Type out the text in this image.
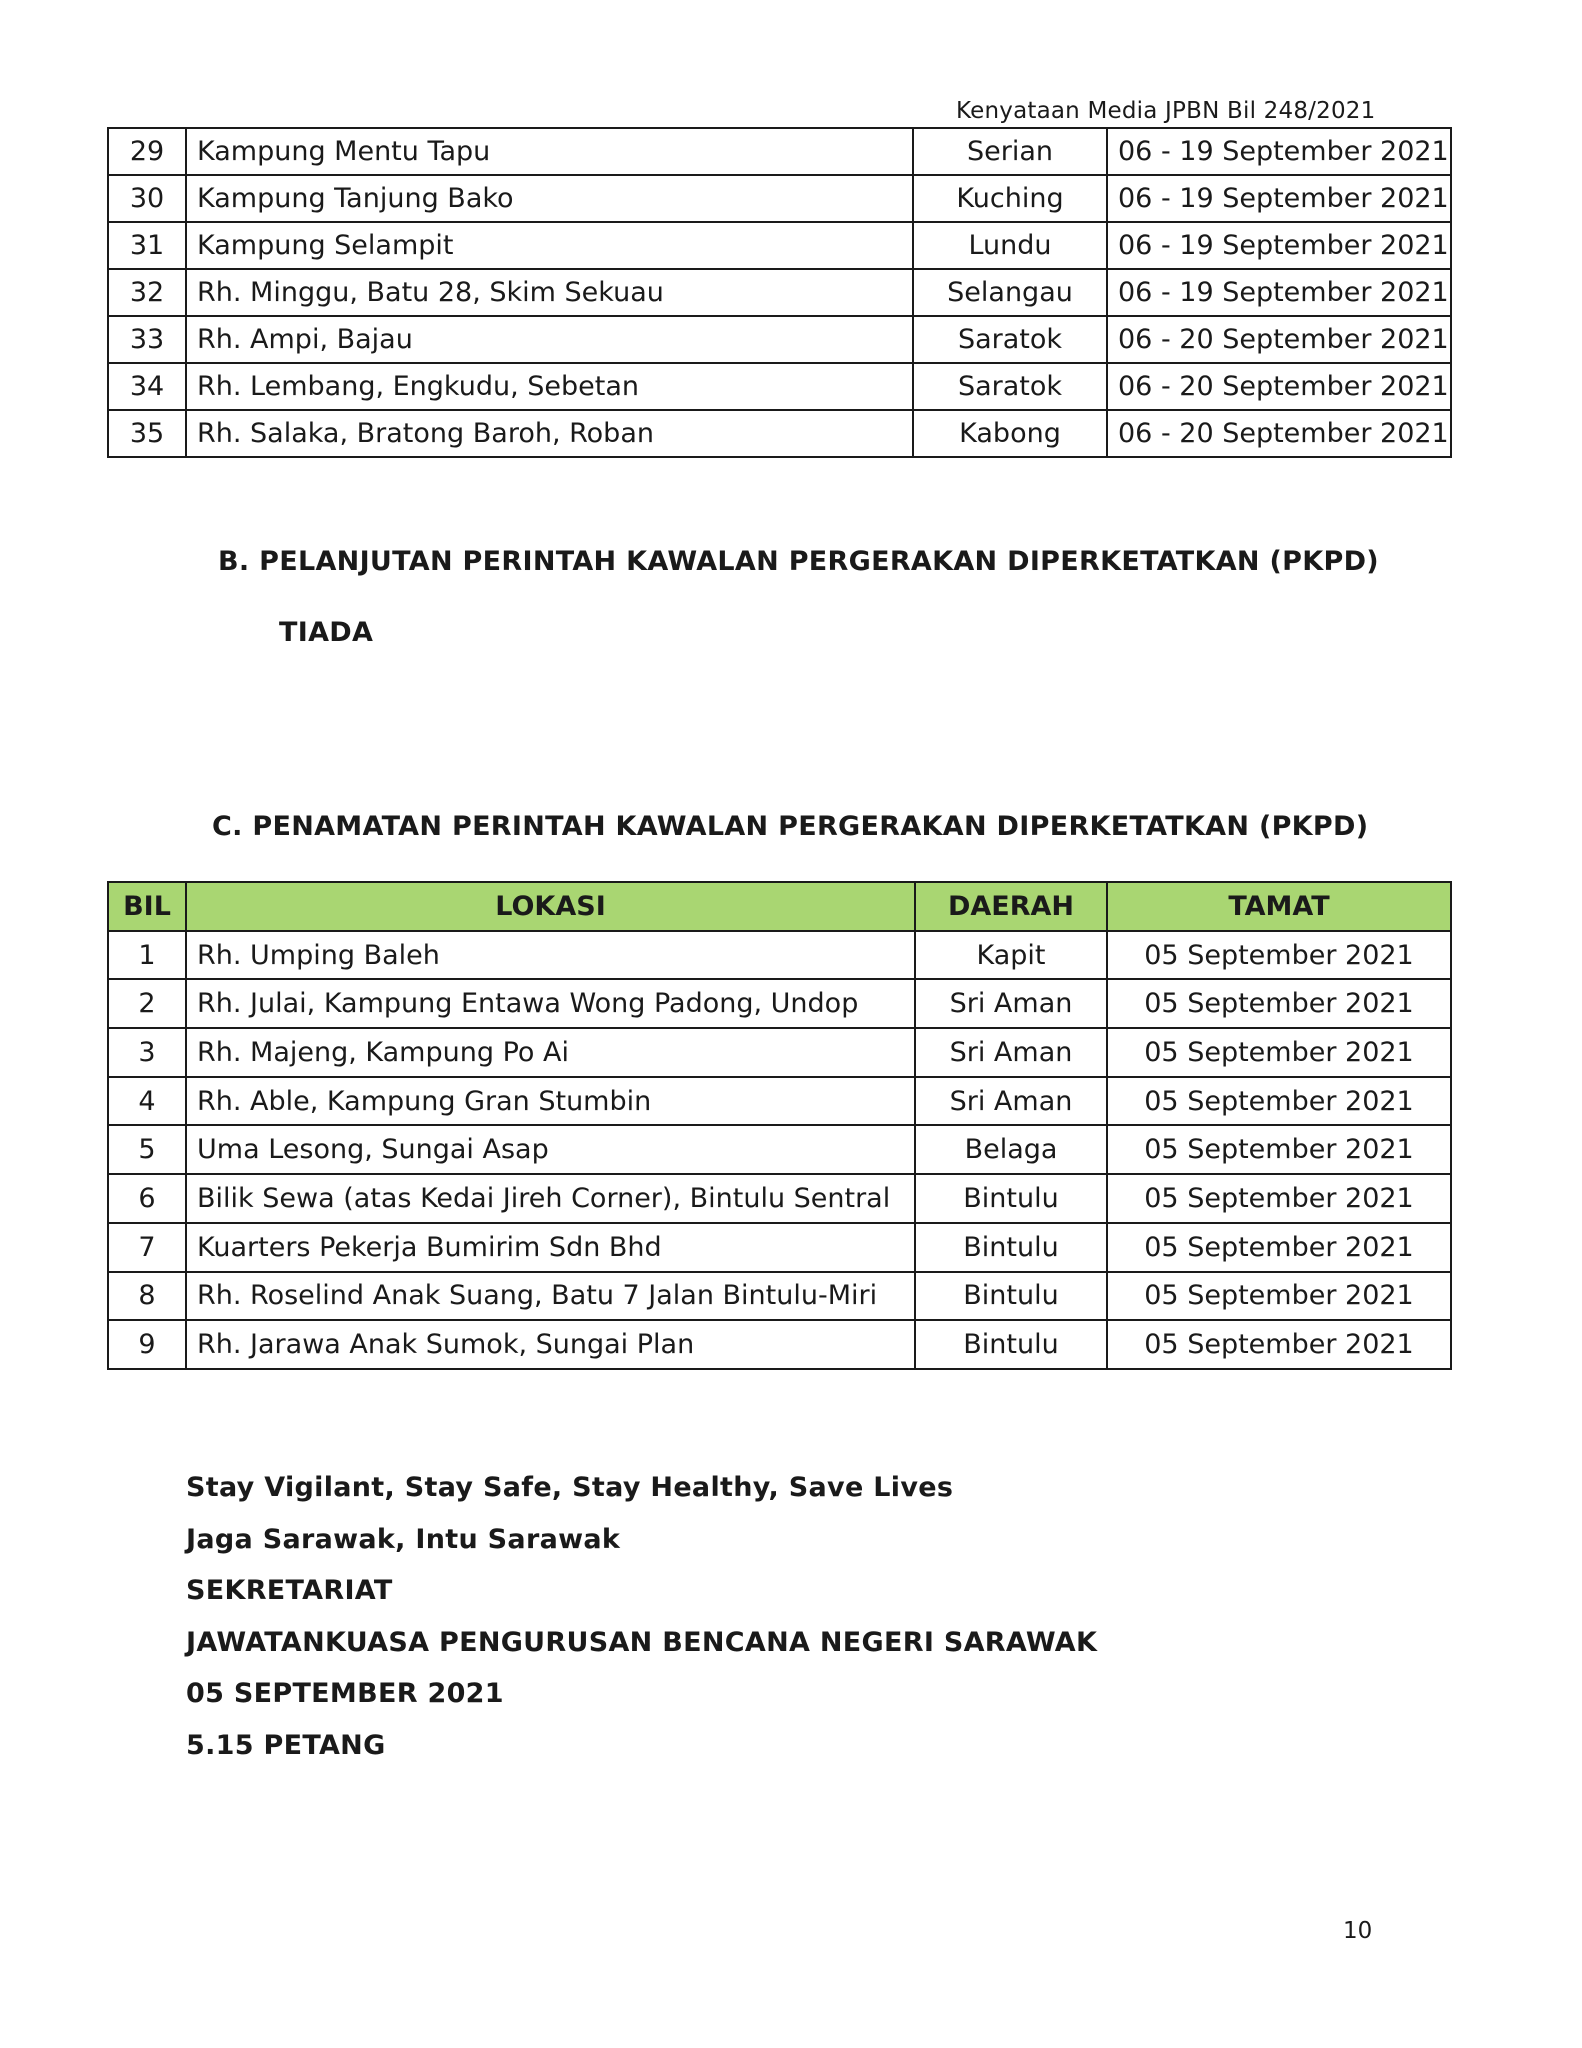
Kenyataan Media JPBN Bil 248/2021
29	Kampung Mentu Tapu	Serian	06 - 19 September 2021
30	Kampung Tanjung Bako	Kuching	06 - 19 September 2021
31	Kampung Selampit	Lundu	06 - 19 September 2021
32	Rh. Minggu, Batu 28, Skim Sekuau	Selangau	06 - 19 September 2021
33	Rh. Ampi, Bajau	Saratok	06 - 20 September 2021
34	Rh. Lembang, Engkudu, Sebetan	Saratok	06 - 20 September 2021
35	Rh. Salaka, Bratong Baroh, Roban	Kabong	06 - 20 September 2021
B. PELANJUTAN PERINTAH KAWALAN PERGERAKAN DIPERKETATKAN (PKPD)
TIADA
C. PENAMATAN PERINTAH KAWALAN PERGERAKAN DIPERKETATKAN (PKPD)
BIL	LOKASI	DAERAH	TAMAT
1	Rh. Umping Baleh	Kapit	05 September 2021
2	Rh. Julai, Kampung Entawa Wong Padong, Undop	Sri Aman	05 September 2021
3	Rh. Majeng, Kampung Po Ai	Sri Aman	05 September 2021
4	Rh. Able, Kampung Gran Stumbin	Sri Aman	05 September 2021
5	Uma Lesong, Sungai Asap	Belaga	05 September 2021
6	Bilik Sewa (atas Kedai Jireh Corner), Bintulu Sentral	Bintulu	05 September 2021
7	Kuarters Pekerja Bumirim Sdn Bhd	Bintulu	05 September 2021
8	Rh. Roselind Anak Suang, Batu 7 Jalan Bintulu-Miri	Bintulu	05 September 2021
9	Rh. Jarawa Anak Sumok, Sungai Plan	Bintulu	05 September 2021
Stay Vigilant, Stay Safe, Stay Healthy, Save Lives
Jaga Sarawak, Intu Sarawak
SEKRETARIAT
JAWATANKUASA PENGURUSAN BENCANA NEGERI SARAWAK
05 SEPTEMBER 2021
5.15 PETANG
10
